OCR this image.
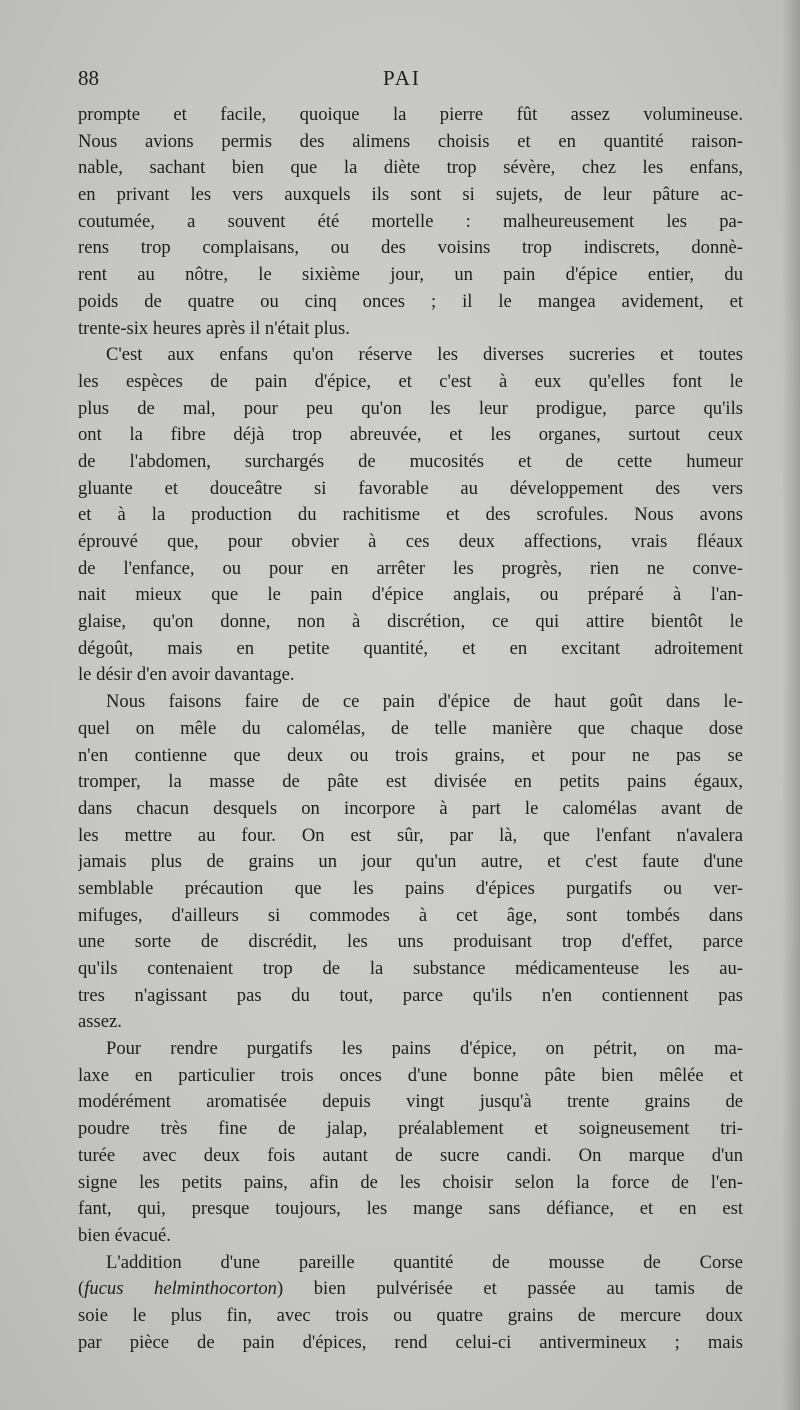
88	PAI
prompte et facile, quoique la pierre fût assez volumineuse.
Nous avions permis des alimens choisis et en quantité raison-
nable, sachant bien que la diète trop sévère, chez les enfans,
en privant les vers auxquels ils sont si sujets, de leur pâture ac-
coutumée, a souvent été mortelle : malheureusement les pa-
rens trop complaisans, ou des voisins trop indiscrets, donnè-
rent au nôtre, le sixième jour, un pain d'épice entier, du
poids de quatre ou cinq onces ; il le mangea avidement, et
trente-six heures après il n'était plus.
C'est aux enfans qu'on réserve les diverses sucreries et toutes
les espèces de pain d'épice, et c'est à eux qu'elles font le
plus de mal, pour peu qu'on les leur prodigue, parce qu'ils
ont la fibre déjà trop abreuvée, et les organes, surtout ceux
de l'abdomen, surchargés de mucosités et de cette humeur
gluante et douceâtre si favorable au développement des vers
et à la production du rachitisme et des scrofules. Nous avons
éprouvé que, pour obvier à ces deux affections, vrais fléaux
de l'enfance, ou pour en arrêter les progrès, rien ne conve-
nait mieux que le pain d'épice anglais, ou préparé à l'an-
glaise, qu'on donne, non à discrétion, ce qui attire bientôt le
dégoût, mais en petite quantité, et en excitant adroitement
le désir d'en avoir davantage.
Nous faisons faire de ce pain d'épice de haut goût dans le-
quel on mêle du calomélas, de telle manière que chaque dose
n'en contienne que deux ou trois grains, et pour ne pas se
tromper, la masse de pâte est divisée en petits pains égaux,
dans chacun desquels on incorpore à part le calomélas avant de
les mettre au four. On est sûr, par là, que l'enfant n'avalera
jamais plus de grains un jour qu'un autre, et c'est faute d'une
semblable précaution que les pains d'épices purgatifs ou ver-
mifuges, d'ailleurs si commodes à cet âge, sont tombés dans
une sorte de discrédit, les uns produisant trop d'effet, parce
qu'ils contenaient trop de la substance médicamenteuse les au-
tres n'agissant pas du tout, parce qu'ils n'en contiennent pas
assez.
Pour rendre purgatifs les pains d'épice, on pétrit, on ma-
laxe en particulier trois onces d'une bonne pâte bien mêlée et
modérément aromatisée depuis vingt jusqu'à trente grains de
poudre très fine de jalap, préalablement et soigneusement tri-
turée avec deux fois autant de sucre candi. On marque d'un
signe les petits pains, afin de les choisir selon la force de l'en-
fant, qui, presque toujours, les mange sans défiance, et en est
bien évacué.
L'addition d'une pareille quantité de mousse de Corse
(fucus helminthocorton) bien pulvérisée et passée au tamis de
soie le plus fin, avec trois ou quatre grains de mercure doux
par pièce de pain d'épices, rend celui-ci antivermineux ; mais
